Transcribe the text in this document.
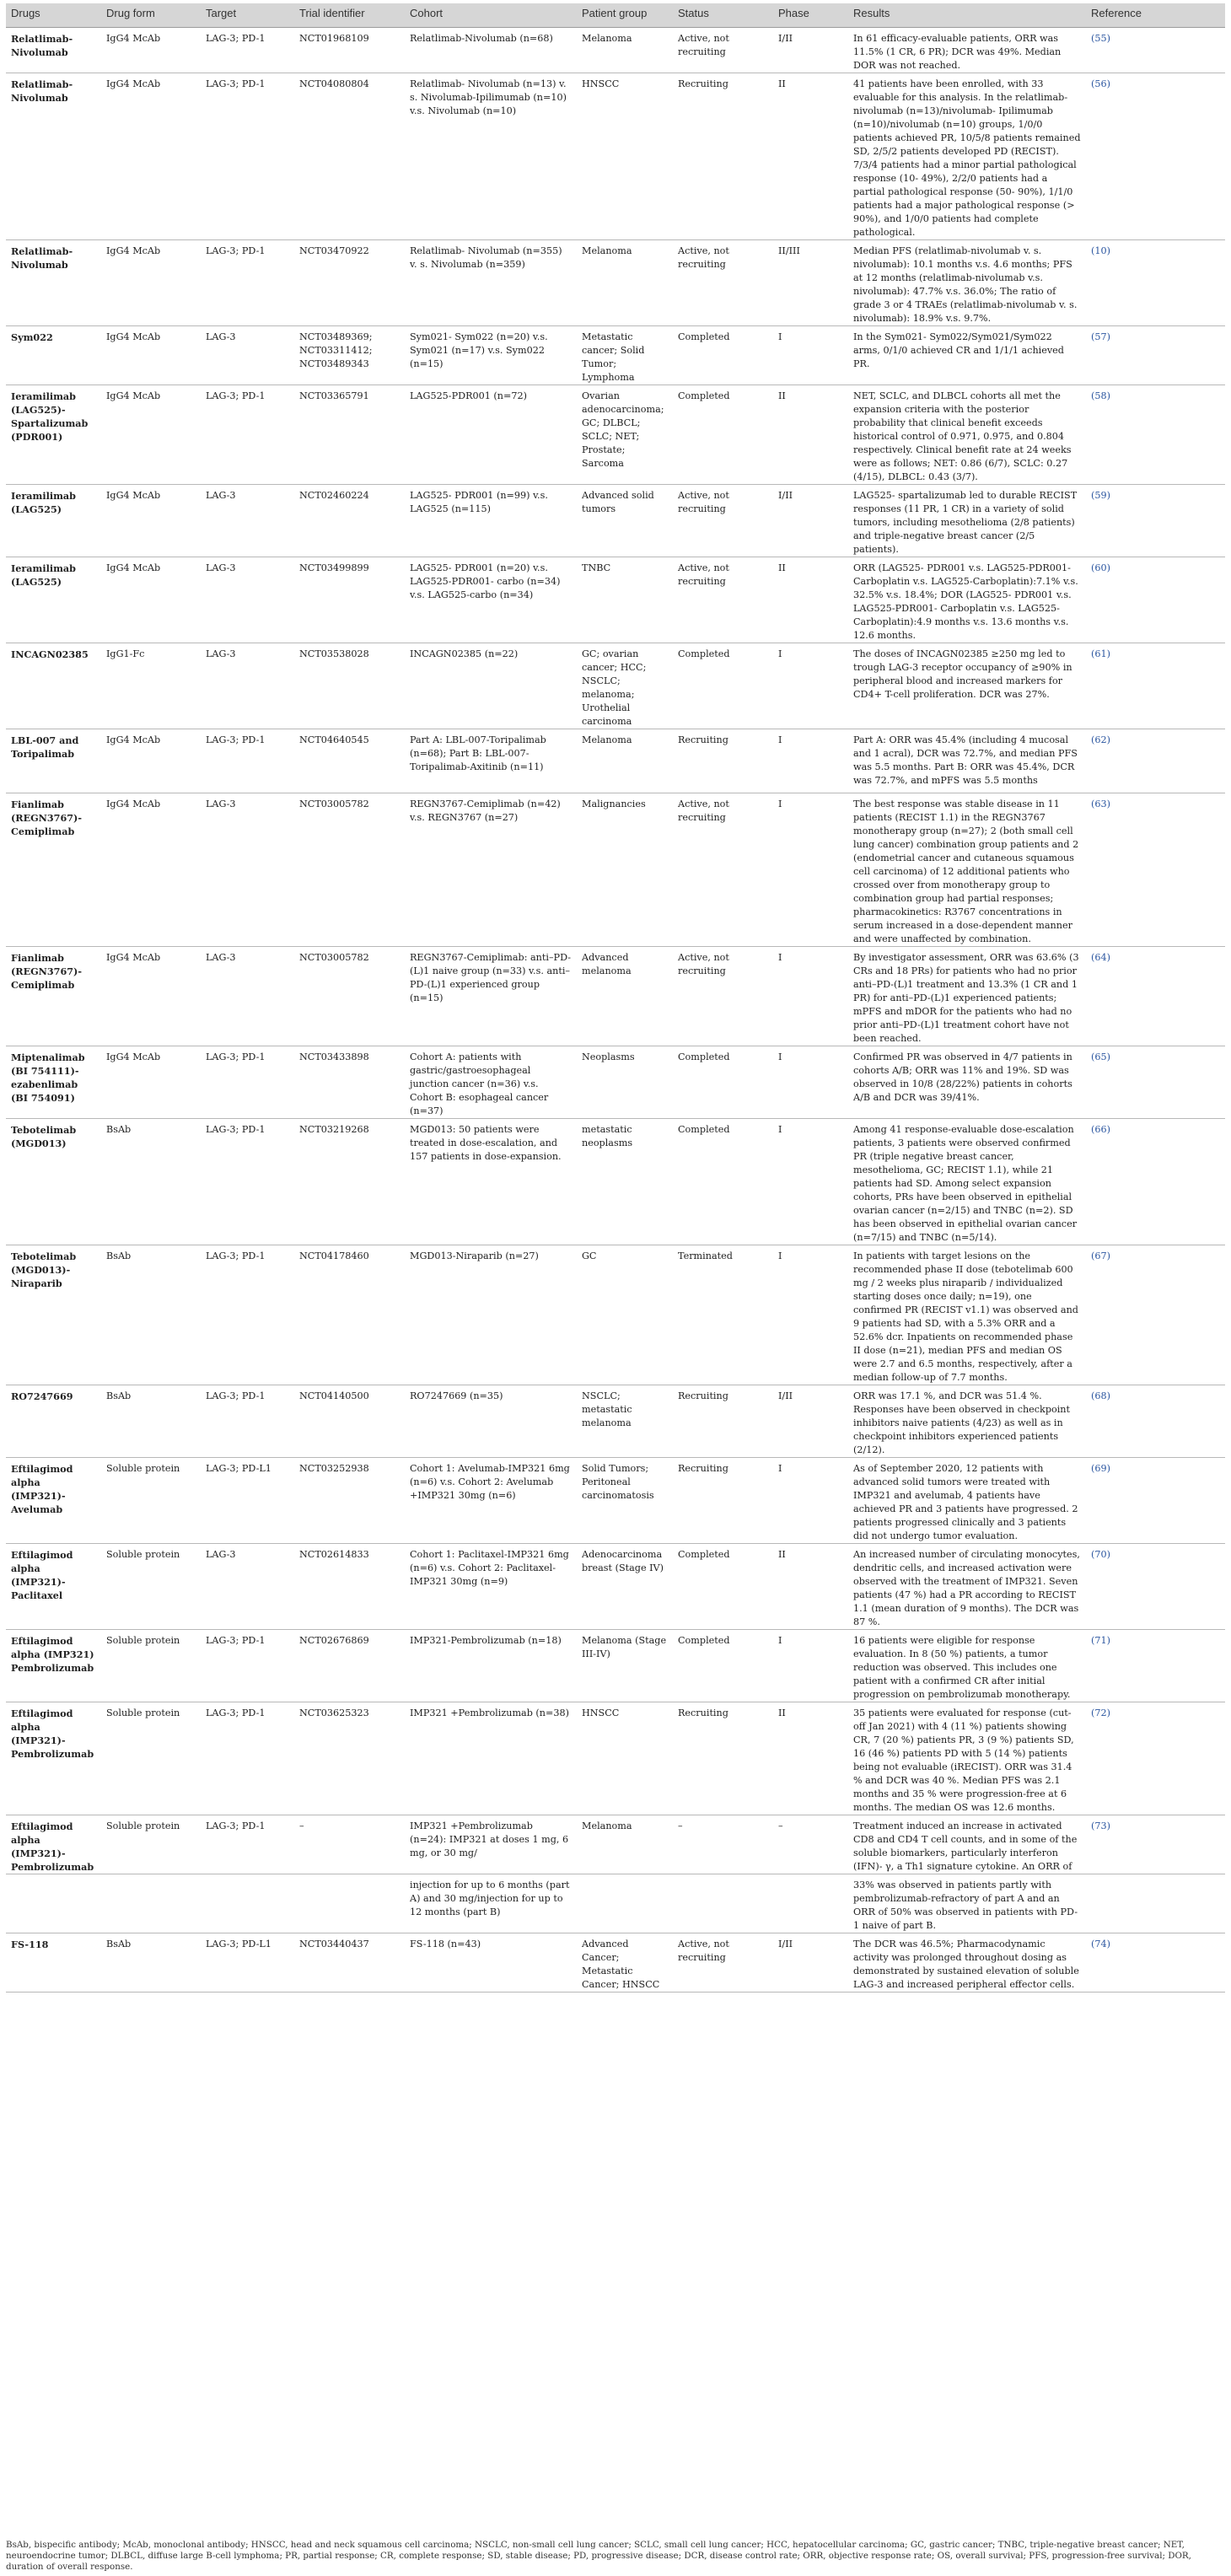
Drugs	Drug form	Target	Trial identifier	Cohort	Patient group	Status	Phase	Results	Reference
Relatlimab-Nivolumab	IgG4 McAb	LAG-3; PD-1	NCT01968109	Relatlimab-Nivolumab (n=68)	Melanoma	Active, not recruiting	I/II	In 61 efficacy-evaluable patients, ORR was 11.5% (1 CR, 6 PR); DCR was 49%. Median DOR was not reached.	(55)
Relatlimab-Nivolumab	IgG4 McAb	LAG-3; PD-1	NCT04080804	Relatlimab- Nivolumab (n=13) v. s. Nivolumab-Ipilimumab (n=10) v.s. Nivolumab (n=10)	HNSCC	Recruiting	II	41 patients have been enrolled, with 33 evaluable for this analysis. In the relatlimab-nivolumab (n=13)/nivolumab- Ipilimumab (n=10)/nivolumab (n=10) groups, 1/0/0 patients achieved PR, 10/5/8 patients remained SD, 2/5/2 patients developed PD (RECIST). 7/3/4 patients had a minor partial pathological response (10- 49%), 2/2/0 patients had a partial pathological response (50- 90%), 1/1/0 patients had a major pathological response (> 90%), and 1/0/0 patients had complete pathological.	(56)
Relatlimab-Nivolumab	IgG4 McAb	LAG-3; PD-1	NCT03470922	Relatlimab- Nivolumab (n=355) v. s. Nivolumab (n=359)	Melanoma	Active, not recruiting	II/III	Median PFS (relatlimab-nivolumab v. s. nivolumab): 10.1 months v.s. 4.6 months; PFS at 12 months (relatlimab-nivolumab v.s. nivolumab): 47.7% v.s. 36.0%; The ratio of grade 3 or 4 TRAEs (relatlimab-nivolumab v. s. nivolumab): 18.9% v.s. 9.7%.	(10)
Sym022	IgG4 McAb	LAG-3	NCT03489369; NCT03311412; NCT03489343	Sym021- Sym022 (n=20) v.s. Sym021 (n=17) v.s. Sym022 (n=15)	Metastatic cancer; Solid Tumor; Lymphoma	Completed	I	In the Sym021- Sym022/Sym021/Sym022 arms, 0/1/0 achieved CR and 1/1/1 achieved PR.	(57)
Ieramilimab (LAG525)-Spartalizumab (PDR001)	IgG4 McAb	LAG-3; PD-1	NCT03365791	LAG525-PDR001 (n=72)	Ovarian adenocarcinoma; GC; DLBCL; SCLC; NET; Prostate; Sarcoma	Completed	II	NET, SCLC, and DLBCL cohorts all met the expansion criteria with the posterior probability that clinical benefit exceeds historical control of 0.971, 0.975, and 0.804 respectively. Clinical benefit rate at 24 weeks were as follows; NET: 0.86 (6/7), SCLC: 0.27 (4/15), DLBCL: 0.43 (3/7).	(58)
Ieramilimab (LAG525)	IgG4 McAb	LAG-3	NCT02460224	LAG525- PDR001 (n=99) v.s. LAG525 (n=115)	Advanced solid tumors	Active, not recruiting	I/II	LAG525- spartalizumab led to durable RECIST responses (11 PR, 1 CR) in a variety of solid tumors, including mesothelioma (2/8 patients) and triple-negative breast cancer (2/5 patients).	(59)
Ieramilimab (LAG525)	IgG4 McAb	LAG-3	NCT03499899	LAG525- PDR001 (n=20) v.s. LAG525-PDR001- carbo (n=34) v.s. LAG525-carbo (n=34)	TNBC	Active, not recruiting	II	ORR (LAG525- PDR001 v.s. LAG525-PDR001- Carboplatin v.s. LAG525-Carboplatin):7.1% v.s. 32.5% v.s. 18.4%; DOR (LAG525- PDR001 v.s. LAG525-PDR001- Carboplatin v.s. LAG525- Carboplatin):4.9 months v.s. 13.6 months v.s. 12.6 months.	(60)
INCAGN02385	IgG1-Fc	LAG-3	NCT03538028	INCAGN02385 (n=22)	GC; ovarian cancer; HCC; NSCLC; melanoma; Urothelial carcinoma	Completed	I	The doses of INCAGN02385 ≥250 mg led to trough LAG-3 receptor occupancy of ≥90% in peripheral blood and increased markers for CD4+ T-cell proliferation. DCR was 27%.	(61)
LBL-007 and Toripalimab	IgG4 McAb	LAG-3; PD-1	NCT04640545	Part A: LBL-007-Toripalimab (n=68); Part B: LBL-007-Toripalimab-Axitinib (n=11)	Melanoma	Recruiting	I	Part A: ORR was 45.4% (including 4 mucosal and 1 acral), DCR was 72.7%, and median PFS was 5.5 months. Part B: ORR was 45.4%, DCR was 72.7%, and mPFS was 5.5 months	(62)
Fianlimab (REGN3767)-Cemiplimab	IgG4 McAb	LAG-3	NCT03005782	REGN3767-Cemiplimab (n=42) v.s. REGN3767 (n=27)	Malignancies	Active, not recruiting	I	The best response was stable disease in 11 patients (RECIST 1.1) in the REGN3767 monotherapy group (n=27); 2 (both small cell lung cancer) combination group patients and 2 (endometrial cancer and cutaneous squamous cell carcinoma) of 12 additional patients who crossed over from monotherapy group to combination group had partial responses; pharmacokinetics: R3767 concentrations in serum increased in a dose-dependent manner and were unaffected by combination.	(63)
Fianlimab (REGN3767)-Cemiplimab	IgG4 McAb	LAG-3	NCT03005782	REGN3767-Cemiplimab: anti–PD-(L)1 naive group (n=33) v.s. anti–PD-(L)1 experienced group (n=15)	Advanced melanoma	Active, not recruiting	I	By investigator assessment, ORR was 63.6% (3 CRs and 18 PRs) for patients who had no prior anti–PD-(L)1 treatment and 13.3% (1 CR and 1 PR) for anti–PD-(L)1 experienced patients; mPFS and mDOR for the patients who had no prior anti–PD-(L)1 treatment cohort have not been reached.	(64)
Miptenalimab (BI 754111)-ezabenlimab (BI 754091)	IgG4 McAb	LAG-3; PD-1	NCT03433898	Cohort A: patients with gastric/gastroesophageal junction cancer (n=36) v.s. Cohort B: esophageal cancer (n=37)	Neoplasms	Completed	I	Confirmed PR was observed in 4/7 patients in cohorts A/B; ORR was 11% and 19%. SD was observed in 10/8 (28/22%) patients in cohorts A/B and DCR was 39/41%.	(65)
Tebotelimab (MGD013)	BsAb	LAG-3; PD-1	NCT03219268	MGD013: 50 patients were treated in dose-escalation, and 157 patients in dose-expansion.	metastatic neoplasms	Completed	I	Among 41 response-evaluable dose-escalation patients, 3 patients were observed confirmed PR (triple negative breast cancer, mesothelioma, GC; RECIST 1.1), while 21 patients had SD. Among select expansion cohorts, PRs have been observed in epithelial ovarian cancer (n=2/15) and TNBC (n=2). SD has been observed in epithelial ovarian cancer (n=7/15) and TNBC (n=5/14).	(66)
Tebotelimab (MGD013)-Niraparib	BsAb	LAG-3; PD-1	NCT04178460	MGD013-Niraparib (n=27)	GC	Terminated	I	In patients with target lesions on the recommended phase II dose (tebotelimab 600 mg / 2 weeks plus niraparib / individualized starting doses once daily; n=19), one confirmed PR (RECIST v1.1) was observed and 9 patients had SD, with a 5.3% ORR and a 52.6% dcr. Inpatients on recommended phase II dose (n=21), median PFS and median OS were 2.7 and 6.5 months, respectively, after a median follow-up of 7.7 months.	(67)
RO7247669	BsAb	LAG-3; PD-1	NCT04140500	RO7247669 (n=35)	NSCLC; metastatic melanoma	Recruiting	I/II	ORR was 17.1 %, and DCR was 51.4 %. Responses have been observed in checkpoint inhibitors naive patients (4/23) as well as in checkpoint inhibitors experienced patients (2/12).	(68)
Eftilagimod alpha (IMP321)-Avelumab	Soluble protein	LAG-3; PD-L1	NCT03252938	Cohort 1: Avelumab-IMP321 6mg (n=6) v.s. Cohort 2: Avelumab +IMP321 30mg (n=6)	Solid Tumors; Peritoneal carcinomatosis	Recruiting	I	As of September 2020, 12 patients with advanced solid tumors were treated with IMP321 and avelumab, 4 patients have achieved PR and 3 patients have progressed. 2 patients progressed clinically and 3 patients did not undergo tumor evaluation.	(69)
Eftilagimod alpha (IMP321)-Paclitaxel	Soluble protein	LAG-3	NCT02614833	Cohort 1: Paclitaxel-IMP321 6mg (n=6) v.s. Cohort 2: Paclitaxel-IMP321 30mg (n=9)	Adenocarcinoma breast (Stage IV)	Completed	II	An increased number of circulating monocytes, dendritic cells, and increased activation were observed with the treatment of IMP321. Seven patients (47 %) had a PR according to RECIST 1.1 (mean duration of 9 months). The DCR was 87 %.	(70)
Eftilagimod alpha (IMP321) Pembrolizumab	Soluble protein	LAG-3; PD-1	NCT02676869	IMP321-Pembrolizumab (n=18)	Melanoma (Stage III-IV)	Completed	I	16 patients were eligible for response evaluation. In 8 (50 %) patients, a tumor reduction was observed. This includes one patient with a confirmed CR after initial progression on pembrolizumab monotherapy.	(71)
Eftilagimod alpha (IMP321)-Pembrolizumab	Soluble protein	LAG-3; PD-1	NCT03625323	IMP321 +Pembrolizumab (n=38)	HNSCC	Recruiting	II	35 patients were evaluated for response (cut-off Jan 2021) with 4 (11 %) patients showing CR, 7 (20 %) patients PR, 3 (9 %) patients SD, 16 (46 %) patients PD with 5 (14 %) patients being not evaluable (iRECIST). ORR was 31.4 % and DCR was 40 %. Median PFS was 2.1 months and 35 % were progression-free at 6 months. The median OS was 12.6 months.	(72)
Eftilagimod alpha (IMP321)-Pembrolizumab	Soluble protein	LAG-3; PD-1	–	IMP321 +Pembrolizumab (n=24): IMP321 at doses 1 mg, 6 mg, or 30 mg/	Melanoma	–	–	Treatment induced an increase in activated CD8 and CD4 T cell counts, and in some of the soluble biomarkers, particularly interferon (IFN)- γ, a Th1 signature cytokine. An ORR of	(73)
				injection for up to 6 months (part A) and 30 mg/injection for up to 12 months (part B)				33% was observed in patients partly with pembrolizumab-refractory of part A and an ORR of 50% was observed in patients with PD-1 naive of part B.	
FS-118	BsAb	LAG-3; PD-L1	NCT03440437	FS-118 (n=43)	Advanced Cancer; Metastatic Cancer; HNSCC	Active, not recruiting	I/II	The DCR was 46.5%; Pharmacodynamic activity was prolonged throughout dosing as demonstrated by sustained elevation of soluble LAG-3 and increased peripheral effector cells.	(74)
BsAb, bispecific antibody; McAb, monoclonal antibody; HNSCC, head and neck squamous cell carcinoma; NSCLC, non-small cell lung cancer; SCLC, small cell lung cancer; HCC, hepatocellular carcinoma; GC, gastric cancer; TNBC, triple-negative breast cancer; NET, neuroendocrine tumor; DLBCL, diffuse large B-cell lymphoma; PR, partial response; CR, complete response; SD, stable disease; PD, progressive disease; DCR, disease control rate; ORR, objective response rate; OS, overall survival; PFS, progression-free survival; DOR, duration of overall response.
